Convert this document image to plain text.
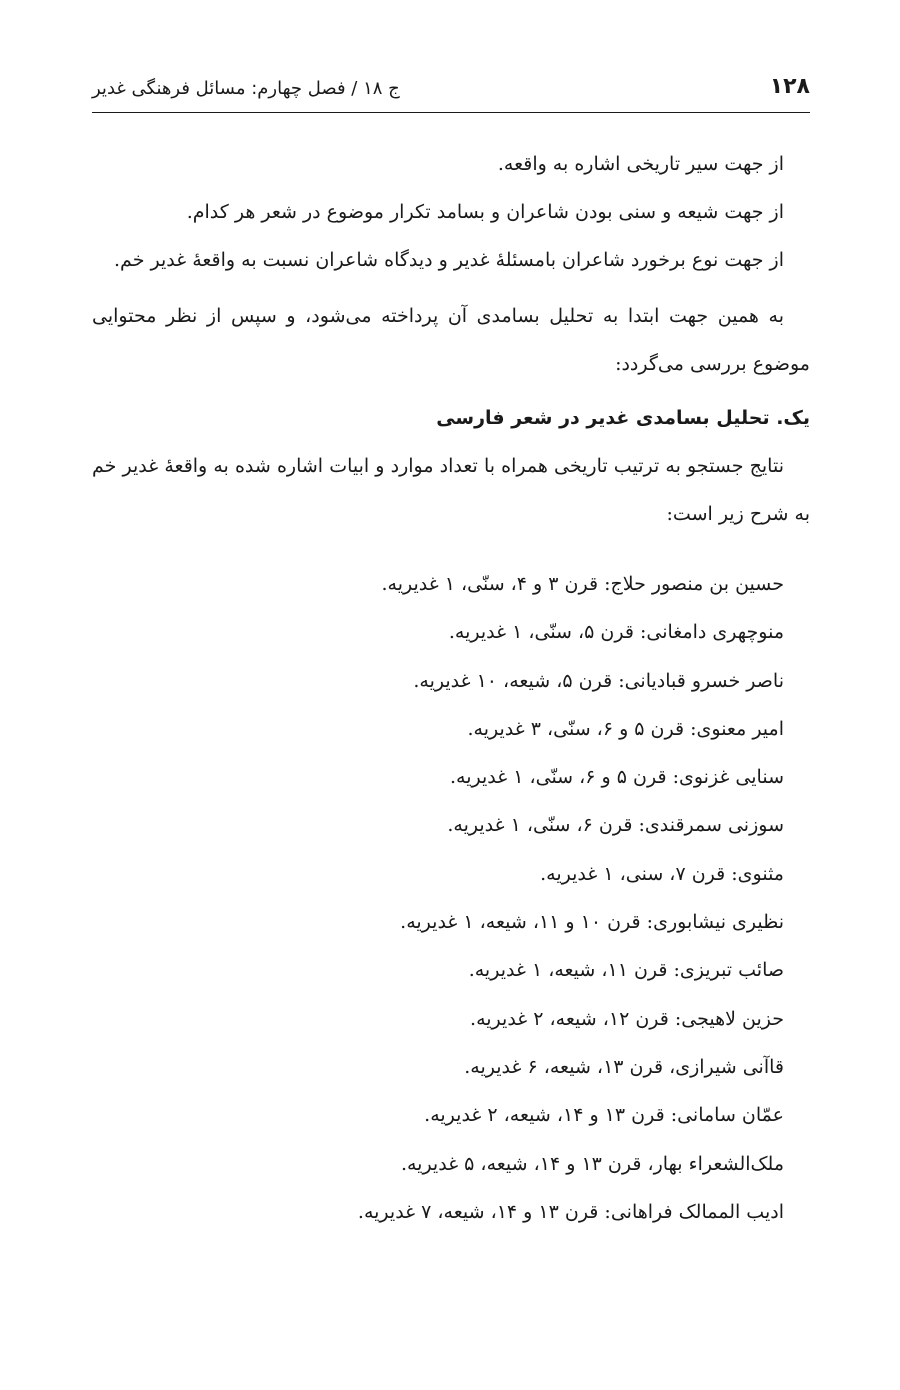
۱۲۸
ج ۱۸ / فصل چهارم: مسائل فرهنگی غدیر

از جهت سیر تاریخی اشاره به واقعه.

از جهت شیعه و سنی بودن شاعران و بسامد تکرار موضوع در شعر هر کدام.

از جهت نوع برخورد شاعران بامسئلهٔ غدیر و دیدگاه شاعران نسبت به واقعهٔ غدیر خم.

به همین جهت ابتدا به تحلیل بسامدی آن پرداخته می‌شود، و سپس از نظر محتوایی موضوع بررسی می‌گردد:

یک. تحلیل بسامدی غدیر در شعر فارسی

نتایج جستجو به ترتیب تاریخی همراه با تعداد موارد و ابیات اشاره شده به واقعهٔ غدیر خم به شرح زیر است:

حسین بن منصور حلاج: قرن ۳ و ۴، سنّی، ۱ غدیریه.
منوچهری دامغانی: قرن ۵، سنّی، ۱ غدیریه.
ناصر خسرو قبادیانی: قرن ۵، شیعه، ۱۰ غدیریه.
امیر معنوی: قرن ۵ و ۶، سنّی، ۳ غدیریه.
سنایی غزنوی: قرن ۵ و ۶، سنّی، ۱ غدیریه.
سوزنی سمرقندی: قرن ۶، سنّی، ۱ غدیریه.
مثنوی: قرن ۷، سنی، ۱ غدیریه.
نظیری نیشابوری: قرن ۱۰ و ۱۱، شیعه، ۱ غدیریه.
صائب تبریزی: قرن ۱۱، شیعه، ۱ غدیریه.
حزین لاهیجی: قرن ۱۲، شیعه، ۲ غدیریه.
قاآنی شیرازی، قرن ۱۳، شیعه، ۶ غدیریه.
عمّان سامانی: قرن ۱۳ و ۱۴، شیعه، ۲ غدیریه.
ملک‌الشعراء بهار، قرن ۱۳ و ۱۴، شیعه، ۵ غدیریه.
ادیب الممالک فراهانی: قرن ۱۳ و ۱۴، شیعه، ۷ غدیریه.
